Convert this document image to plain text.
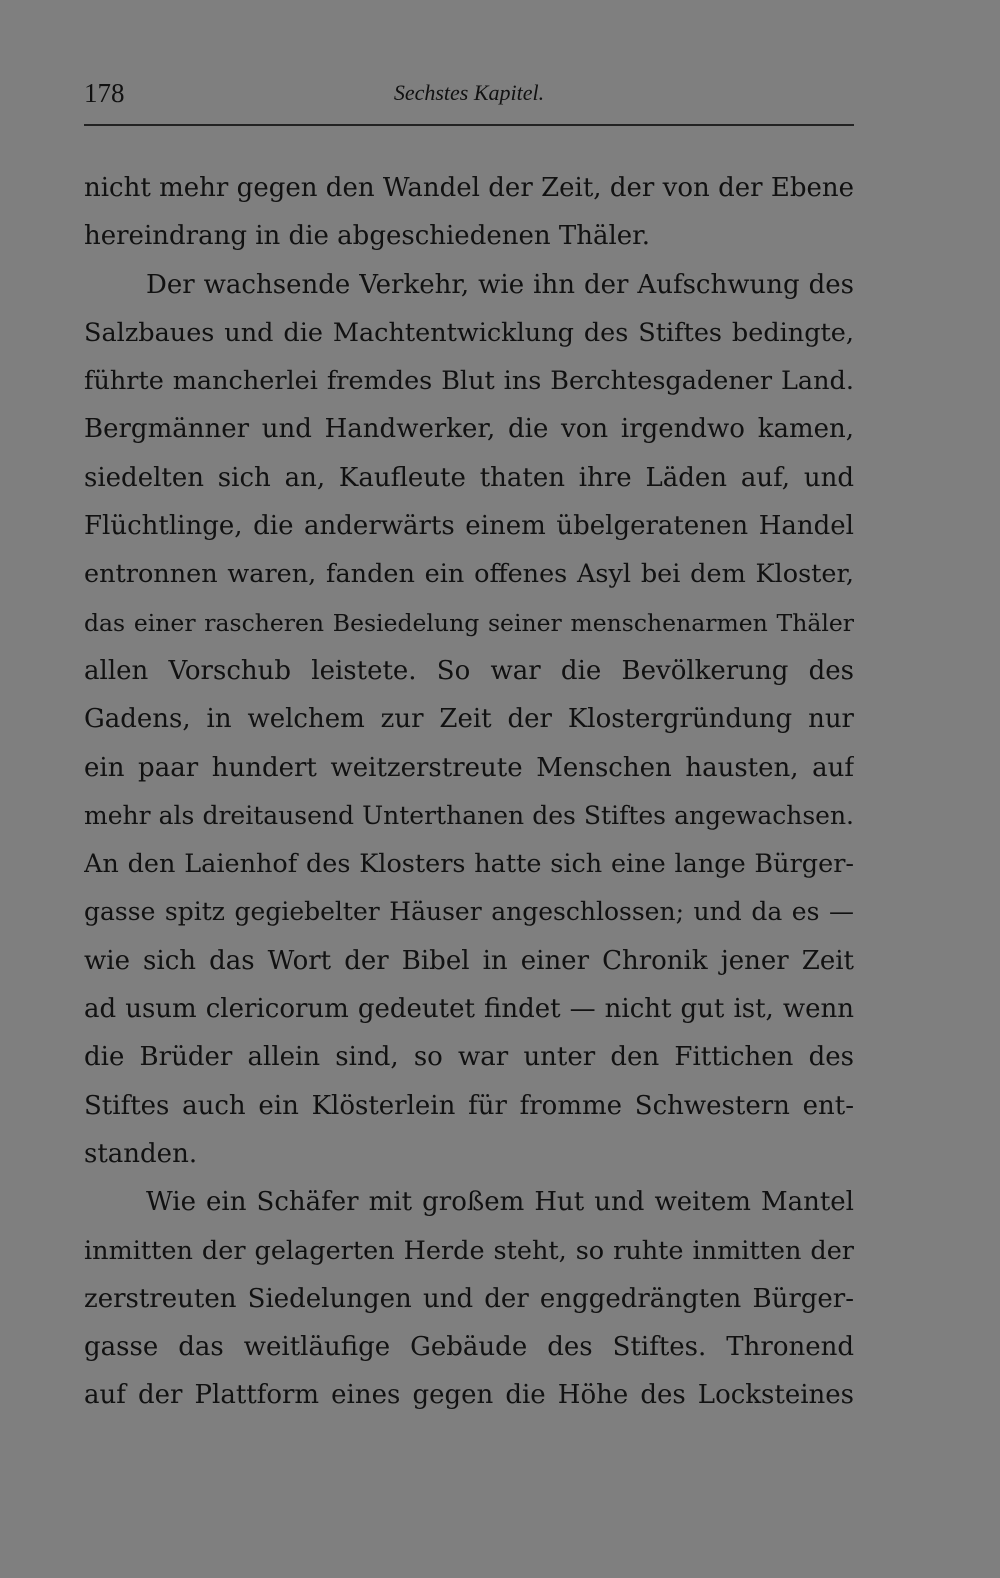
178	Sechstes Kapitel.
nicht mehr gegen den Wandel der Zeit, der von der Ebene
hereindrang in die abgeschiedenen Thäler.
Der wachsende Verkehr, wie ihn der Aufschwung des
Salzbaues und die Machtentwicklung des Stiftes bedingte,
führte mancherlei fremdes Blut ins Berchtesgadener Land.
Bergmänner und Handwerker, die von irgendwo kamen,
siedelten sich an, Kaufleute thaten ihre Läden auf, und
Flüchtlinge, die anderwärts einem übelgeratenen Handel
entronnen waren, fanden ein offenes Asyl bei dem Kloster,
das einer rascheren Besiedelung seiner menschenarmen Thäler
allen Vorschub leistete. So war die Bevölkerung des
Gadens, in welchem zur Zeit der Klostergründung nur
ein paar hundert weitzerstreute Menschen hausten, auf
mehr als dreitausend Unterthanen des Stiftes angewachsen.
An den Laienhof des Klosters hatte sich eine lange Bürger-
gasse spitz gegiebelter Häuser angeschlossen; und da es —
wie sich das Wort der Bibel in einer Chronik jener Zeit
ad usum clericorum gedeutet findet — nicht gut ist, wenn
die Brüder allein sind, so war unter den Fittichen des
Stiftes auch ein Klösterlein für fromme Schwestern ent-
standen.
Wie ein Schäfer mit großem Hut und weitem Mantel
inmitten der gelagerten Herde steht, so ruhte inmitten der
zerstreuten Siedelungen und der enggedrängten Bürger-
gasse das weitläufige Gebäude des Stiftes. Thronend
auf der Plattform eines gegen die Höhe des Locksteines
